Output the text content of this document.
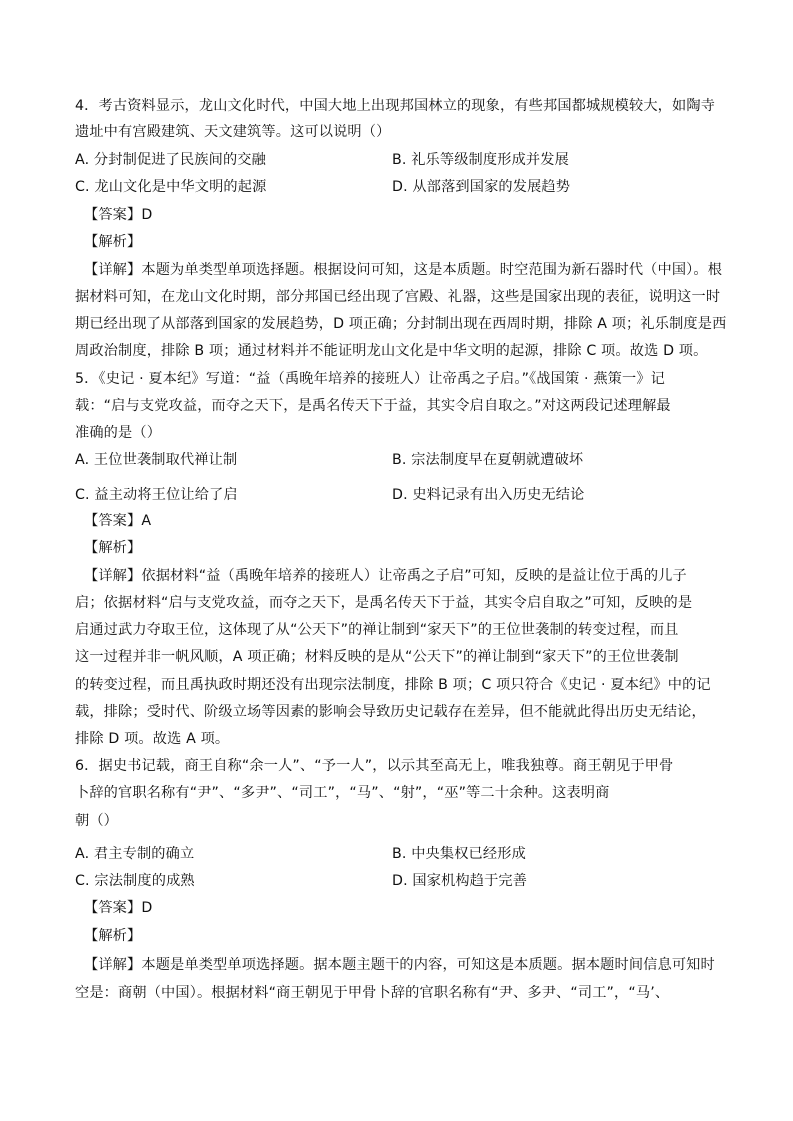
4．考古资料显示，龙山文化时代，中国大地上出现邦国林立的现象，有些邦国都城规模较大，如陶寺
遗址中有宫殿建筑、天文建筑等。这可以说明（）
A. 分封制促进了民族间的交融	B. 礼乐等级制度形成并发展
C. 龙山文化是中华文明的起源	D. 从部落到国家的发展趋势
【答案】D
【解析】
【详解】本题为单类型单项选择题。根据设问可知，这是本质题。时空范围为新石器时代（中国）。根
据材料可知，在龙山文化时期，部分邦国已经出现了宫殿、礼器，这些是国家出现的表征，说明这一时
期已经出现了从部落到国家的发展趋势，D 项正确；分封制出现在西周时期，排除 A 项；礼乐制度是西
周政治制度，排除 B 项；通过材料并不能证明龙山文化是中华文明的起源，排除 C 项。故选 D 项。
5．《史记 · 夏本纪》写道：“益（禹晚年培养的接班人）让帝禹之子启。”《战国策 · 燕策一》记
载：“启与支党攻益，而夺之天下，是禹名传天下于益，其实令启自取之。”对这两段记述理解最
准确的是（）
A. 王位世袭制取代禅让制	B. 宗法制度早在夏朝就遭破坏
C. 益主动将王位让给了启	D. 史料记录有出入历史无结论
【答案】A
【解析】
【详解】依据材料“益（禹晚年培养的接班人）让帝禹之子启”可知，反映的是益让位于禹的儿子
启；依据材料“启与支党攻益，而夺之天下，是禹名传天下于益，其实令启自取之”可知，反映的是
启通过武力夺取王位，这体现了从“公天下”的禅让制到“家天下”的王位世袭制的转变过程，而且
这一过程并非一帆风顺，A 项正确；材料反映的是从“公天下”的禅让制到“家天下”的王位世袭制
的转变过程，而且禹执政时期还没有出现宗法制度，排除 B 项；C 项只符合《史记 · 夏本纪》中的记
载，排除；受时代、阶级立场等因素的影响会导致历史记载存在差异，但不能就此得出历史无结论，
排除 D 项。故选 A 项。
6．据史书记载，商王自称“余一人”、“予一人”，以示其至高无上，唯我独尊。商王朝见于甲骨
卜辞的官职名称有“尹”、“多尹”、“司工”，“马”、“射”，“巫”等二十余种。这表明商
朝（）
A. 君主专制的确立	B. 中央集权已经形成
C. 宗法制度的成熟	D. 国家机构趋于完善
【答案】D
【解析】
【详解】本题是单类型单项选择题。据本题主题干的内容，可知这是本质题。据本题时间信息可知时
空是：商朝（中国）。根据材料“商王朝见于甲骨卜辞的官职名称有“尹、多尹、“司工”，“马’、
